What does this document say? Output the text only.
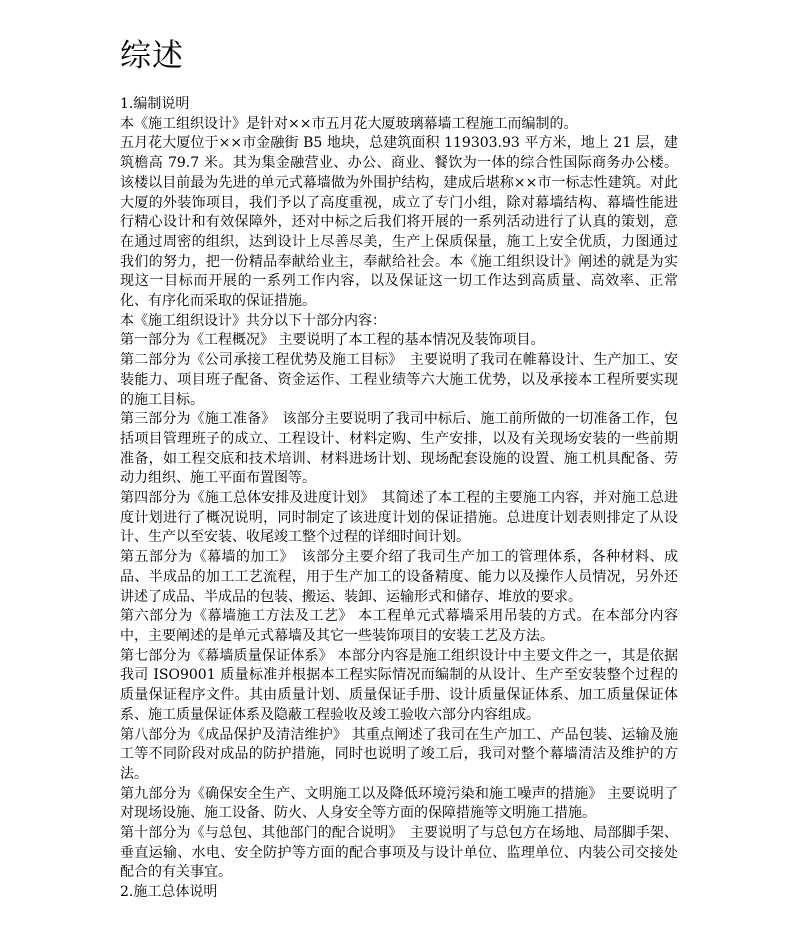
综述

1.编制说明

本《施工组织设计》是针对××市五月花大厦玻璃幕墙工程施工而编制的。

五月花大厦位于××市金融街 B5 地块，总建筑面积 119303.93 平方米，地上 21 层，建筑檐高 79.7 米。其为集金融营业、办公、商业、餐饮为一体的综合性国际商务办公楼。该楼以目前最为先进的单元式幕墙做为外围护结构，建成后堪称××市一标志性建筑。对此大厦的外装饰项目，我们予以了高度重视，成立了专门小组，除对幕墙结构、幕墙性能进行精心设计和有效保障外，还对中标之后我们将开展的一系列活动进行了认真的策划，意在通过周密的组织，达到设计上尽善尽美，生产上保质保量，施工上安全优质，力图通过我们的努力，把一份精品奉献给业主，奉献给社会。本《施工组织设计》阐述的就是为实现这一目标而开展的一系列工作内容，以及保证这一切工作达到高质量、高效率、正常化、有序化而采取的保证措施。

本《施工组织设计》共分以下十部分内容：

第一部分为《工程概况》 主要说明了本工程的基本情况及装饰项目。

第二部分为《公司承接工程优势及施工目标》　主要说明了我司在帷幕设计、生产加工、安装能力、项目班子配备、资金运作、工程业绩等六大施工优势，以及承接本工程所要实现的施工目标。

第三部分为《施工准备》　该部分主要说明了我司中标后、施工前所做的一切准备工作，包括项目管理班子的成立、工程设计、材料定购、生产安排，以及有关现场安装的一些前期准备，如工程交底和技术培训、材料进场计划、现场配套设施的设置、施工机具配备、劳动力组织、施工平面布置图等。

第四部分为《施工总体安排及进度计划》　其简述了本工程的主要施工内容，并对施工总进度计划进行了概况说明，同时制定了该进度计划的保证措施。总进度计划表则排定了从设计、生产以至安装、收尾竣工整个过程的详细时间计划。

第五部分为《幕墙的加工》　该部分主要介绍了我司生产加工的管理体系，各种材料、成品、半成品的加工工艺流程，用于生产加工的设备精度、能力以及操作人员情况，另外还讲述了成品、半成品的包装、搬运、装卸、运输形式和储存、堆放的要求。

第六部分为《幕墙施工方法及工艺》 本工程单元式幕墙采用吊装的方式。在本部分内容中，主要阐述的是单元式幕墙及其它一些装饰项目的安装工艺及方法。

第七部分为《幕墙质量保证体系》 本部分内容是施工组织设计中主要文件之一，其是依据我司 ISO9001 质量标准并根据本工程实际情况而编制的从设计、生产至安装整个过程的质量保证程序文件。其由质量计划、质量保证手册、设计质量保证体系、加工质量保证体系、施工质量保证体系及隐蔽工程验收及竣工验收六部分内容组成。

第八部分为《成品保护及清洁维护》 其重点阐述了我司在生产加工、产品包装、运输及施工等不同阶段对成品的防护措施，同时也说明了竣工后，我司对整个幕墙清洁及维护的方法。

第九部分为《确保安全生产、文明施工以及降低环境污染和施工噪声的措施》 主要说明了对现场设施、施工设备、防火、人身安全等方面的保障措施等文明施工措施。

第十部分为《与总包、其他部门的配合说明》　主要说明了与总包方在场地、局部脚手架、垂直运输、水电、安全防护等方面的配合事项及与设计单位、监理单位、内装公司交接处配合的有关事宜。

2.施工总体说明
